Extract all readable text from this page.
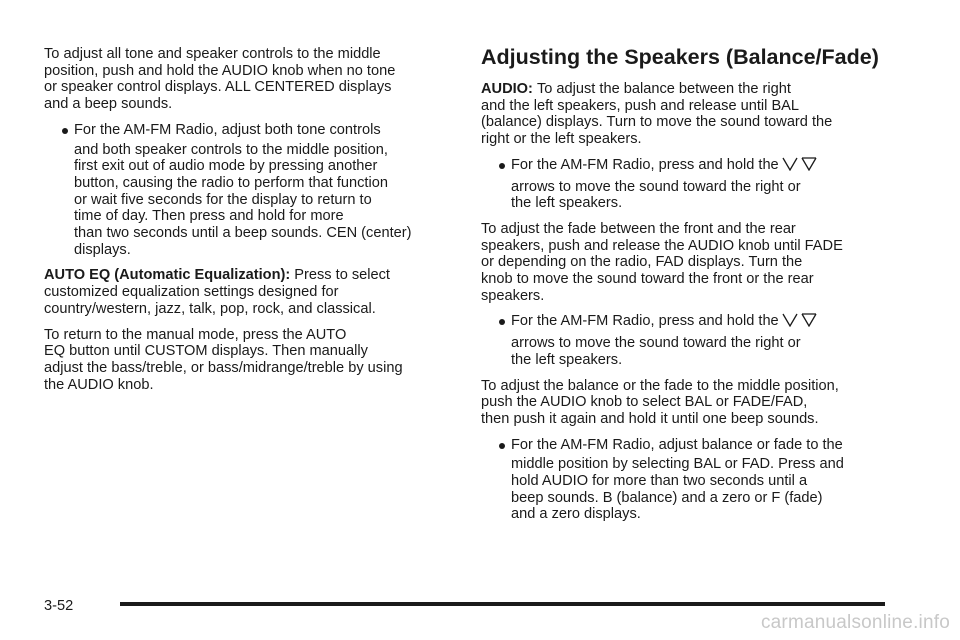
To adjust all tone and speaker controls to the middle
position, push and hold the AUDIO knob when no tone
or speaker control displays. ALL CENTERED displays
and a beep sounds.

For the AM-FM Radio, adjust both tone controls
and both speaker controls to the middle position,
first exit out of audio mode by pressing another
button, causing the radio to perform that function
or wait five seconds for the display to return to
time of day. Then press and hold for more
than two seconds until a beep sounds. CEN (center)
displays.

AUTO EQ (Automatic Equalization): Press to select
customized equalization settings designed for
country/western, jazz, talk, pop, rock, and classical.

To return to the manual mode, press the AUTO
EQ button until CUSTOM displays. Then manually
adjust the bass/treble, or bass/midrange/treble by using
the AUDIO knob.

Adjusting the Speakers (Balance/Fade)

AUDIO: To adjust the balance between the right
and the left speakers, push and release until BAL
(balance) displays. Turn to move the sound toward the
right or the left speakers.

For the AM-FM Radio, press and hold the
arrows to move the sound toward the right or
the left speakers.

To adjust the fade between the front and the rear
speakers, push and release the AUDIO knob until FADE
or depending on the radio, FAD displays. Turn the
knob to move the sound toward the front or the rear
speakers.

For the AM-FM Radio, press and hold the
arrows to move the sound toward the right or
the left speakers.

To adjust the balance or the fade to the middle position,
push the AUDIO knob to select BAL or FADE/FAD,
then push it again and hold it until one beep sounds.

For the AM-FM Radio, adjust balance or fade to the
middle position by selecting BAL or FAD. Press and
hold AUDIO for more than two seconds until a
beep sounds. B (balance) and a zero or F (fade)
and a zero displays.
3-52
carmanualsonline.info
